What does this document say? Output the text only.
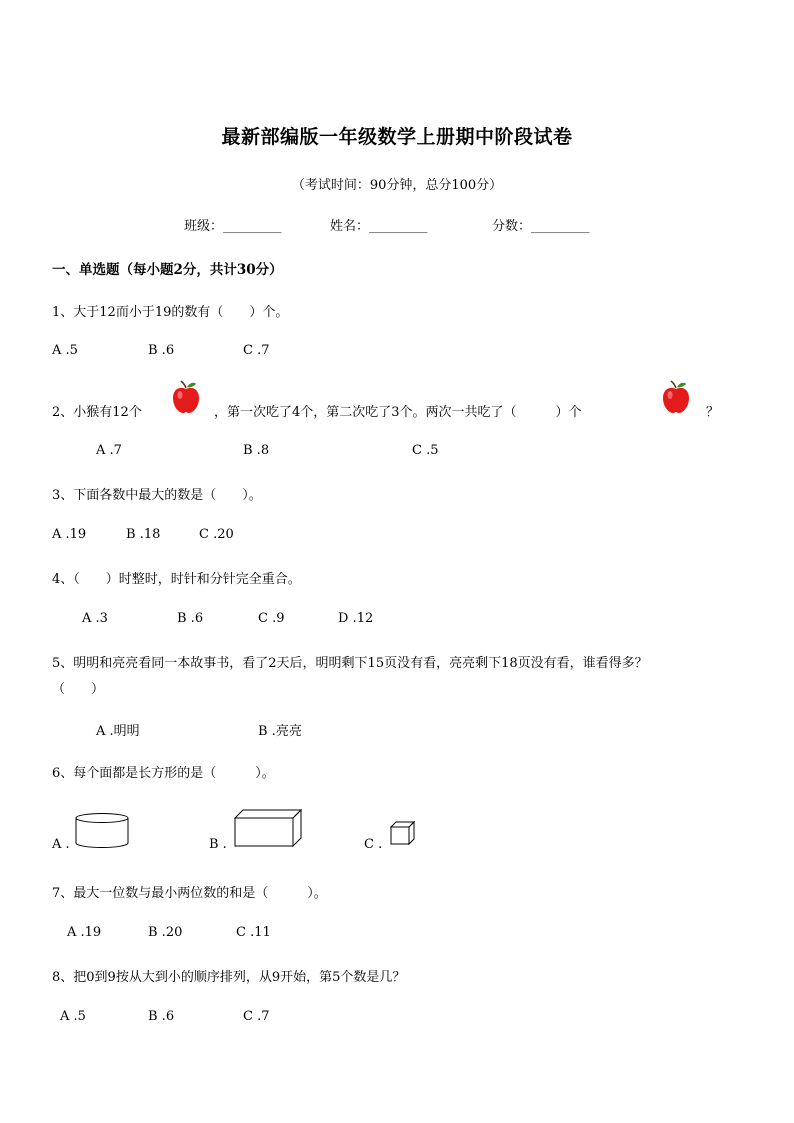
最新部编版一年级数学上册期中阶段试卷
（考试时间：90分钟，总分100分）
班级：_________	姓名：_________	分数：_________
一、单选题（每小题2分，共计30分）
1、大于12而小于19的数有（　　）个。
A .5	B .6	C .7
2、小猴有12个	，第一次吃了4个，第二次吃了3个。两次一共吃了（　　　）个	？
A .7	B .8	C .5
3、下面各数中最大的数是（　　）。
A .19	B .18	C .20
4、（　　）时整时，时针和分针完全重合。
A .3	B .6	C .9	D .12
5、明明和亮亮看同一本故事书，看了2天后，明明剩下15页没有看，亮亮剩下18页没有看，谁看得多？
（　　）
A .明明	B .亮亮
6、每个面都是长方形的是（　　　）。
A .	B .	C .
7、最大一位数与最小两位数的和是（　　　）。
A .19	B .20	C .11
8、把0到9按从大到小的顺序排列，从9开始，第5个数是几？
A .5	B .6	C .7
